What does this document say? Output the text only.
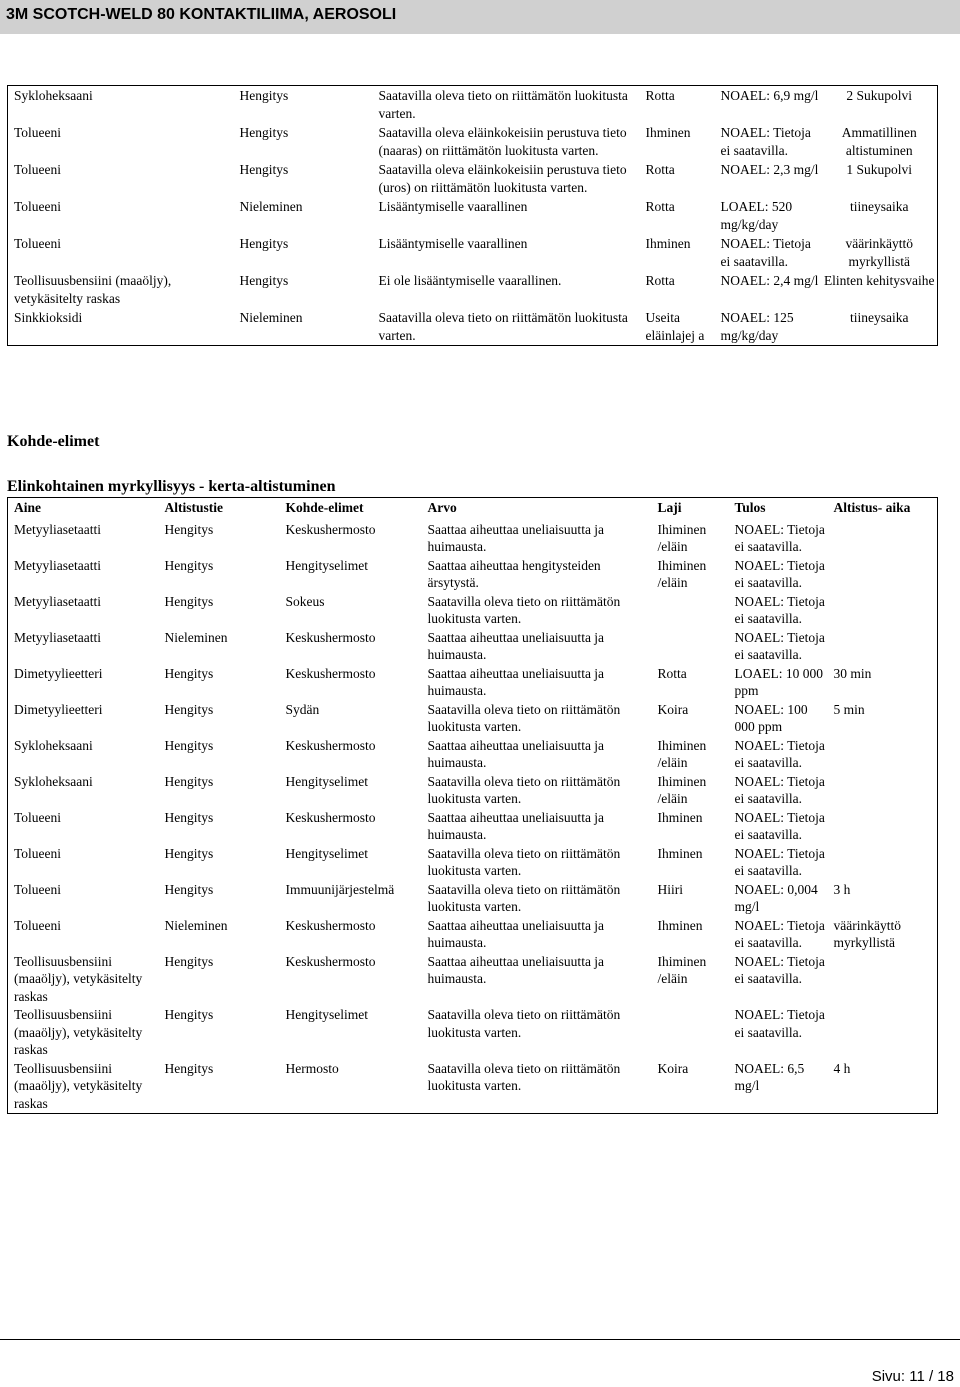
3M SCOTCH-WELD 80 KONTAKTILIIMA, AEROSOLI
Sykloheksaani	Hengitys	Saatavilla oleva tieto on riittämätön luokitusta varten.	Rotta	NOAEL: 6,9 mg/l	2 Sukupolvi
Tolueeni	Hengitys	Saatavilla oleva eläinkokeisiin perustuva tieto (naaras) on riittämätön luokitusta varten.	Ihminen	NOAEL: Tietoja ei saatavilla.	Ammatillinen altistuminen
Tolueeni	Hengitys	Saatavilla oleva eläinkokeisiin perustuva tieto (uros) on riittämätön luokitusta varten.	Rotta	NOAEL: 2,3 mg/l	1 Sukupolvi
Tolueeni	Nieleminen	Lisääntymiselle vaarallinen	Rotta	LOAEL: 520 mg/kg/day	tiineysaika
Tolueeni	Hengitys	Lisääntymiselle vaarallinen	Ihminen	NOAEL: Tietoja ei saatavilla.	väärinkäyttö myrkyllistä
Teollisuusbensiini (maaöljy), vetykäsitelty raskas	Hengitys	Ei ole lisääntymiselle vaarallinen.	Rotta	NOAEL: 2,4 mg/l	Elinten kehitysvaihe
Sinkkioksidi	Nieleminen	Saatavilla oleva tieto on riittämätön luokitusta varten.	Useita eläinlajej a	NOAEL: 125 mg/kg/day	tiineysaika
Kohde-elimet
Elinkohtainen myrkyllisyys - kerta-altistuminen
Aine	Altistustie	Kohde-elimet	Arvo	Laji	Tulos	Altistus- aika
Metyyliasetaatti	Hengitys	Keskushermosto	Saattaa aiheuttaa uneliaisuutta ja huimausta.	Ihiminen /eläin	NOAEL: Tietoja ei saatavilla.	
Metyyliasetaatti	Hengitys	Hengityselimet	Saattaa aiheuttaa hengitysteiden ärsytystä.	Ihiminen /eläin	NOAEL: Tietoja ei saatavilla.	
Metyyliasetaatti	Hengitys	Sokeus	Saatavilla oleva tieto on riittämätön luokitusta varten.		NOAEL: Tietoja ei saatavilla.	
Metyyliasetaatti	Nieleminen	Keskushermosto	Saattaa aiheuttaa uneliaisuutta ja huimausta.		NOAEL: Tietoja ei saatavilla.	
Dimetyylieetteri	Hengitys	Keskushermosto	Saattaa aiheuttaa uneliaisuutta ja huimausta.	Rotta	LOAEL: 10 000 ppm	30 min
Dimetyylieetteri	Hengitys	Sydän	Saatavilla oleva tieto on riittämätön luokitusta varten.	Koira	NOAEL: 100 000 ppm	5 min
Sykloheksaani	Hengitys	Keskushermosto	Saattaa aiheuttaa uneliaisuutta ja huimausta.	Ihiminen /eläin	NOAEL: Tietoja ei saatavilla.	
Sykloheksaani	Hengitys	Hengityselimet	Saatavilla oleva tieto on riittämätön luokitusta varten.	Ihiminen /eläin	NOAEL: Tietoja ei saatavilla.	
Tolueeni	Hengitys	Keskushermosto	Saattaa aiheuttaa uneliaisuutta ja huimausta.	Ihminen	NOAEL: Tietoja ei saatavilla.	
Tolueeni	Hengitys	Hengityselimet	Saatavilla oleva tieto on riittämätön luokitusta varten.	Ihminen	NOAEL: Tietoja ei saatavilla.	
Tolueeni	Hengitys	Immuunijärjestelmä	Saatavilla oleva tieto on riittämätön luokitusta varten.	Hiiri	NOAEL: 0,004 mg/l	3 h
Tolueeni	Nieleminen	Keskushermosto	Saattaa aiheuttaa uneliaisuutta ja huimausta.	Ihminen	NOAEL: Tietoja ei saatavilla.	väärinkäyttö myrkyllistä
Teollisuusbensiini (maaöljy), vetykäsitelty raskas	Hengitys	Keskushermosto	Saattaa aiheuttaa uneliaisuutta ja huimausta.	Ihiminen /eläin	NOAEL: Tietoja ei saatavilla.	
Teollisuusbensiini (maaöljy), vetykäsitelty raskas	Hengitys	Hengityselimet	Saatavilla oleva tieto on riittämätön luokitusta varten.		NOAEL: Tietoja ei saatavilla.	
Teollisuusbensiini (maaöljy), vetykäsitelty raskas	Hengitys	Hermosto	Saatavilla oleva tieto on riittämätön luokitusta varten.	Koira	NOAEL: 6,5 mg/l	4 h
Sivu: 11 / 18
